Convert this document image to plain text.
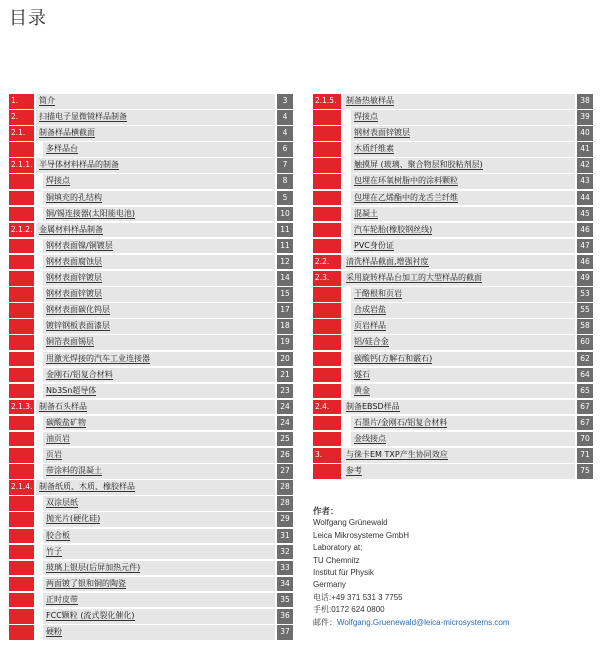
目录
1.	简介	3
2.	扫描电子显微镜样品制备	4
2.1.	制备样品横截面	4
多样品台	6
2.1.1. 半导体材料样品的制备	7
焊接点	8
铜填充的孔结构	5
铜/锡连接器(太阳能电池)	10
2.1.2. 金属材料样品制备	11
钢材表面镍/铜镀层	11
钢材表面腐蚀层	12
钢材表面锌镀层	14
钢材表面锌镀层	15
钢材表面碳化钨层	17
镀锌钢板表面漆层	18
铜箔表面锡层	19
用激光焊接的汽车工业连接器	20
金刚石/铝复合材料	21
Nb3Sn超导体	23
2.1.3. 制备石头样品	24
碳酸盐矿物	24
油页岩	25
页岩	26
带涂料的混凝土	27
2.1.4. 制备纸质、木质、橡胶样品	28
双涂层纸	28
抛光片(硬化硅)	29
胶合板	31
竹子	32
玻璃上银层(后屏加热元件)	33
两面镀了银和铜的陶瓷	34
正时皮带	35
FCC颗粒 (流式裂化催化)	36
硬粉	37
2.1.5.	制备热敏样品	38
焊接点	39
钢材表面锌镀层	40
木质纤维素	41
触摸屏 (玻璃、聚合物层和胶粘剂层)	42
包埋在环氧树脂中的涂料颗粒	43
包埋在乙烯酯中的龙舌兰纤维	44
混凝土	45
汽车轮胎(橡胶钢丝线)	46
PVC身份证	47
2.2.	清洗样品截面,增强衬度	46
2.3.	采用旋转样品台加工的大型样品的截面	49
干酪根和页岩	53
合成岩盐	55
页岩样品	58
铝/硅合金	60
碳酸钙(方解石和霰石)	62
燧石	64
黄金	65
2.4.	制备EBSD样品	67
石墨片/金刚石/铝复合材料	67
金线接点	70
3.	与徕卡EM TXP产生协同效应	71
参考	75
作者：
Wolfgang Grünewald
Leica Mikrosysteme GmbH
Laboratory at:
TU Chemnitz
Institut für Physik
Germany
电话:+49 371 531 3 7755
手机:0172 624 0800
邮件：Wolfgang.Gruenewald@leica-microsystems.com
